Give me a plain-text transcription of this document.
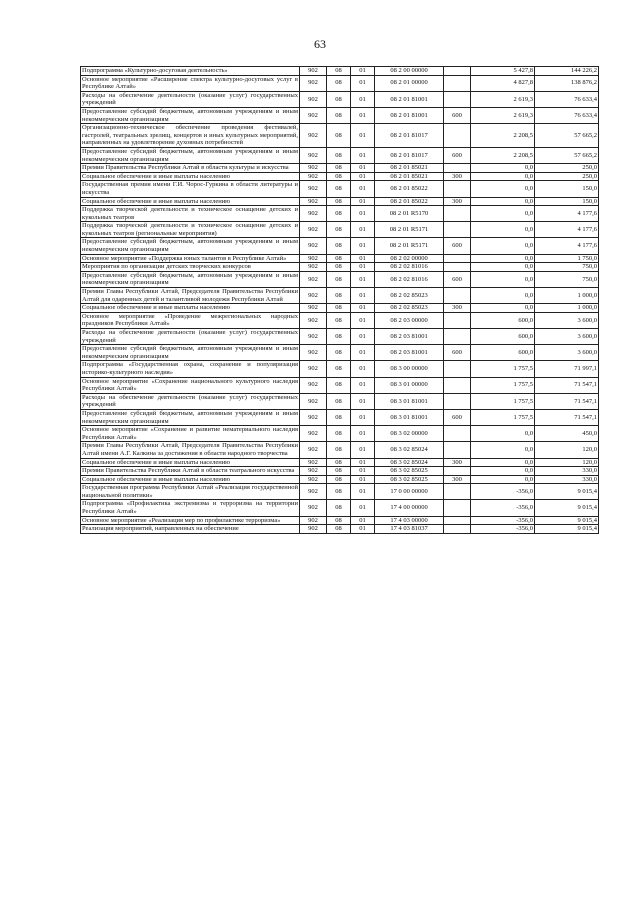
63
Подпрограмма «Культурно-досуговая деятельность»	902	08	01	08 2 00 00000		5 427,8	144 226,2
Основное мероприятие «Расширение спектра культурно-досуговых услуг в Республике Алтай»	902	08	01	08 2 01 00000		4 827,8	138 876,2
Расходы на обеспечение деятельности (оказание услуг) государственных учреждений	902	08	01	08 2 01 81001		2 619,3	76 633,4
Предоставление субсидий бюджетным, автономным учреждениям и иным некоммерческим организациям	902	08	01	08 2 01 81001	600	2 619,3	76 633,4
Организационно-техническое обеспечение проведения фестивалей, гастролей, театральных зрелищ, концертов и иных культурных мероприятий, направленных на удовлетворение духовных потребностей	902	08	01	08 2 01 81017		2 208,5	57 665,2
Предоставление субсидий бюджетным, автономным учреждениям и иным некоммерческим организациям	902	08	01	08 2 01 81017	600	2 208,5	57 665,2
Премии Правительства Республики Алтай в области культуры и искусства	902	08	01	08 2 01 85021		0,0	250,0
Социальное обеспечение и иные выплаты населению	902	08	01	08 2 01 85021	300	0,0	250,0
Государственная премия имени Г.И. Чорос-Гуркина в области литературы и искусства	902	08	01	08 2 01 85022		0,0	150,0
Социальное обеспечение и иные выплаты населению	902	08	01	08 2 01 85022	300	0,0	150,0
Поддержка творческой деятельности и техническое оснащение детских и кукольных театров	902	08	01	08 2 01 R5170		0,0	4 177,6
Поддержка творческой деятельности и техническое оснащение детских и кукольных театров (региональные мероприятия)	902	08	01	08 2 01 R5171		0,0	4 177,6
Предоставление субсидий бюджетным, автономным учреждениям и иным некоммерческим организациям	902	08	01	08 2 01 R5171	600	0,0	4 177,6
Основное мероприятие «Поддержка юных талантов в Республике Алтай»	902	08	01	08 2 02 00000		0,0	1 750,0
Мероприятия по организации детских творческих конкурсов	902	08	01	08 2 02 81016		0,0	750,0
Предоставление субсидий бюджетным, автономным учреждениям и иным некоммерческим организациям	902	08	01	08 2 02 81016	600	0,0	750,0
Премии Главы Республики Алтай, Председателя Правительства Республики Алтай для одаренных детей и талантливой молодежи Республики Алтай	902	08	01	08 2 02 85023		0,0	1 000,0
Социальное обеспечение и иные выплаты населению	902	08	01	08 2 02 85023	300	0,0	1 000,0
Основное мероприятие «Проведение межрегиональных народных праздников Республики Алтай»	902	08	01	08 2 03 00000		600,0	3 600,0
Расходы на обеспечение деятельности (оказание услуг) государственных учреждений	902	08	01	08 2 03 81001		600,0	3 600,0
Предоставление субсидий бюджетным, автономным учреждениям и иным некоммерческим организациям	902	08	01	08 2 03 81001	600	600,0	3 600,0
Подпрограмма «Государственная охрана, сохранение и популяризация историко-культурного наследия»	902	08	01	08 3 00 00000		1 757,5	71 997,1
Основное мероприятие «Сохранение национального культурного наследия Республики Алтай»	902	08	01	08 3 01 00000		1 757,5	71 547,1
Расходы на обеспечение деятельности (оказание услуг) государственных учреждений	902	08	01	08 3 01 81001		1 757,5	71 547,1
Предоставление субсидий бюджетным, автономным учреждениям и иным некоммерческим организациям	902	08	01	08 3 01 81001	600	1 757,5	71 547,1
Основное мероприятие «Сохранение и развитие нематериального наследия Республики Алтай»	902	08	01	08 3 02 00000		0,0	450,0
Премии Главы Республики Алтай, Председателя Правительства Республики Алтай имени А.Г. Калкина за достижения в области народного творчества	902	08	01	08 3 02 85024		0,0	120,0
Социальное обеспечение и иные выплаты населению	902	08	01	08 3 02 85024	300	0,0	120,0
Премии Правительства Республики Алтай в области театрального искусства	902	08	01	08 3 02 85025		0,0	330,0
Социальное обеспечение и иные выплаты населению	902	08	01	08 3 02 85025	300	0,0	330,0
Государственная программа Республики Алтай «Реализация государственной национальной политики»	902	08	01	17 0 00 00000		-356,0	9 015,4
Подпрограмма «Профилактика экстремизма и терроризма на территории Республики Алтай»	902	08	01	17 4 00 00000		-356,0	9 015,4
Основное мероприятие «Реализация мер по профилактике терроризма»	902	08	01	17 4 03 00000		-356,0	9 015,4
Реализация мероприятий, направленных на обеспечение	902	08	01	17 4 03 81037		-356,0	9 015,4
